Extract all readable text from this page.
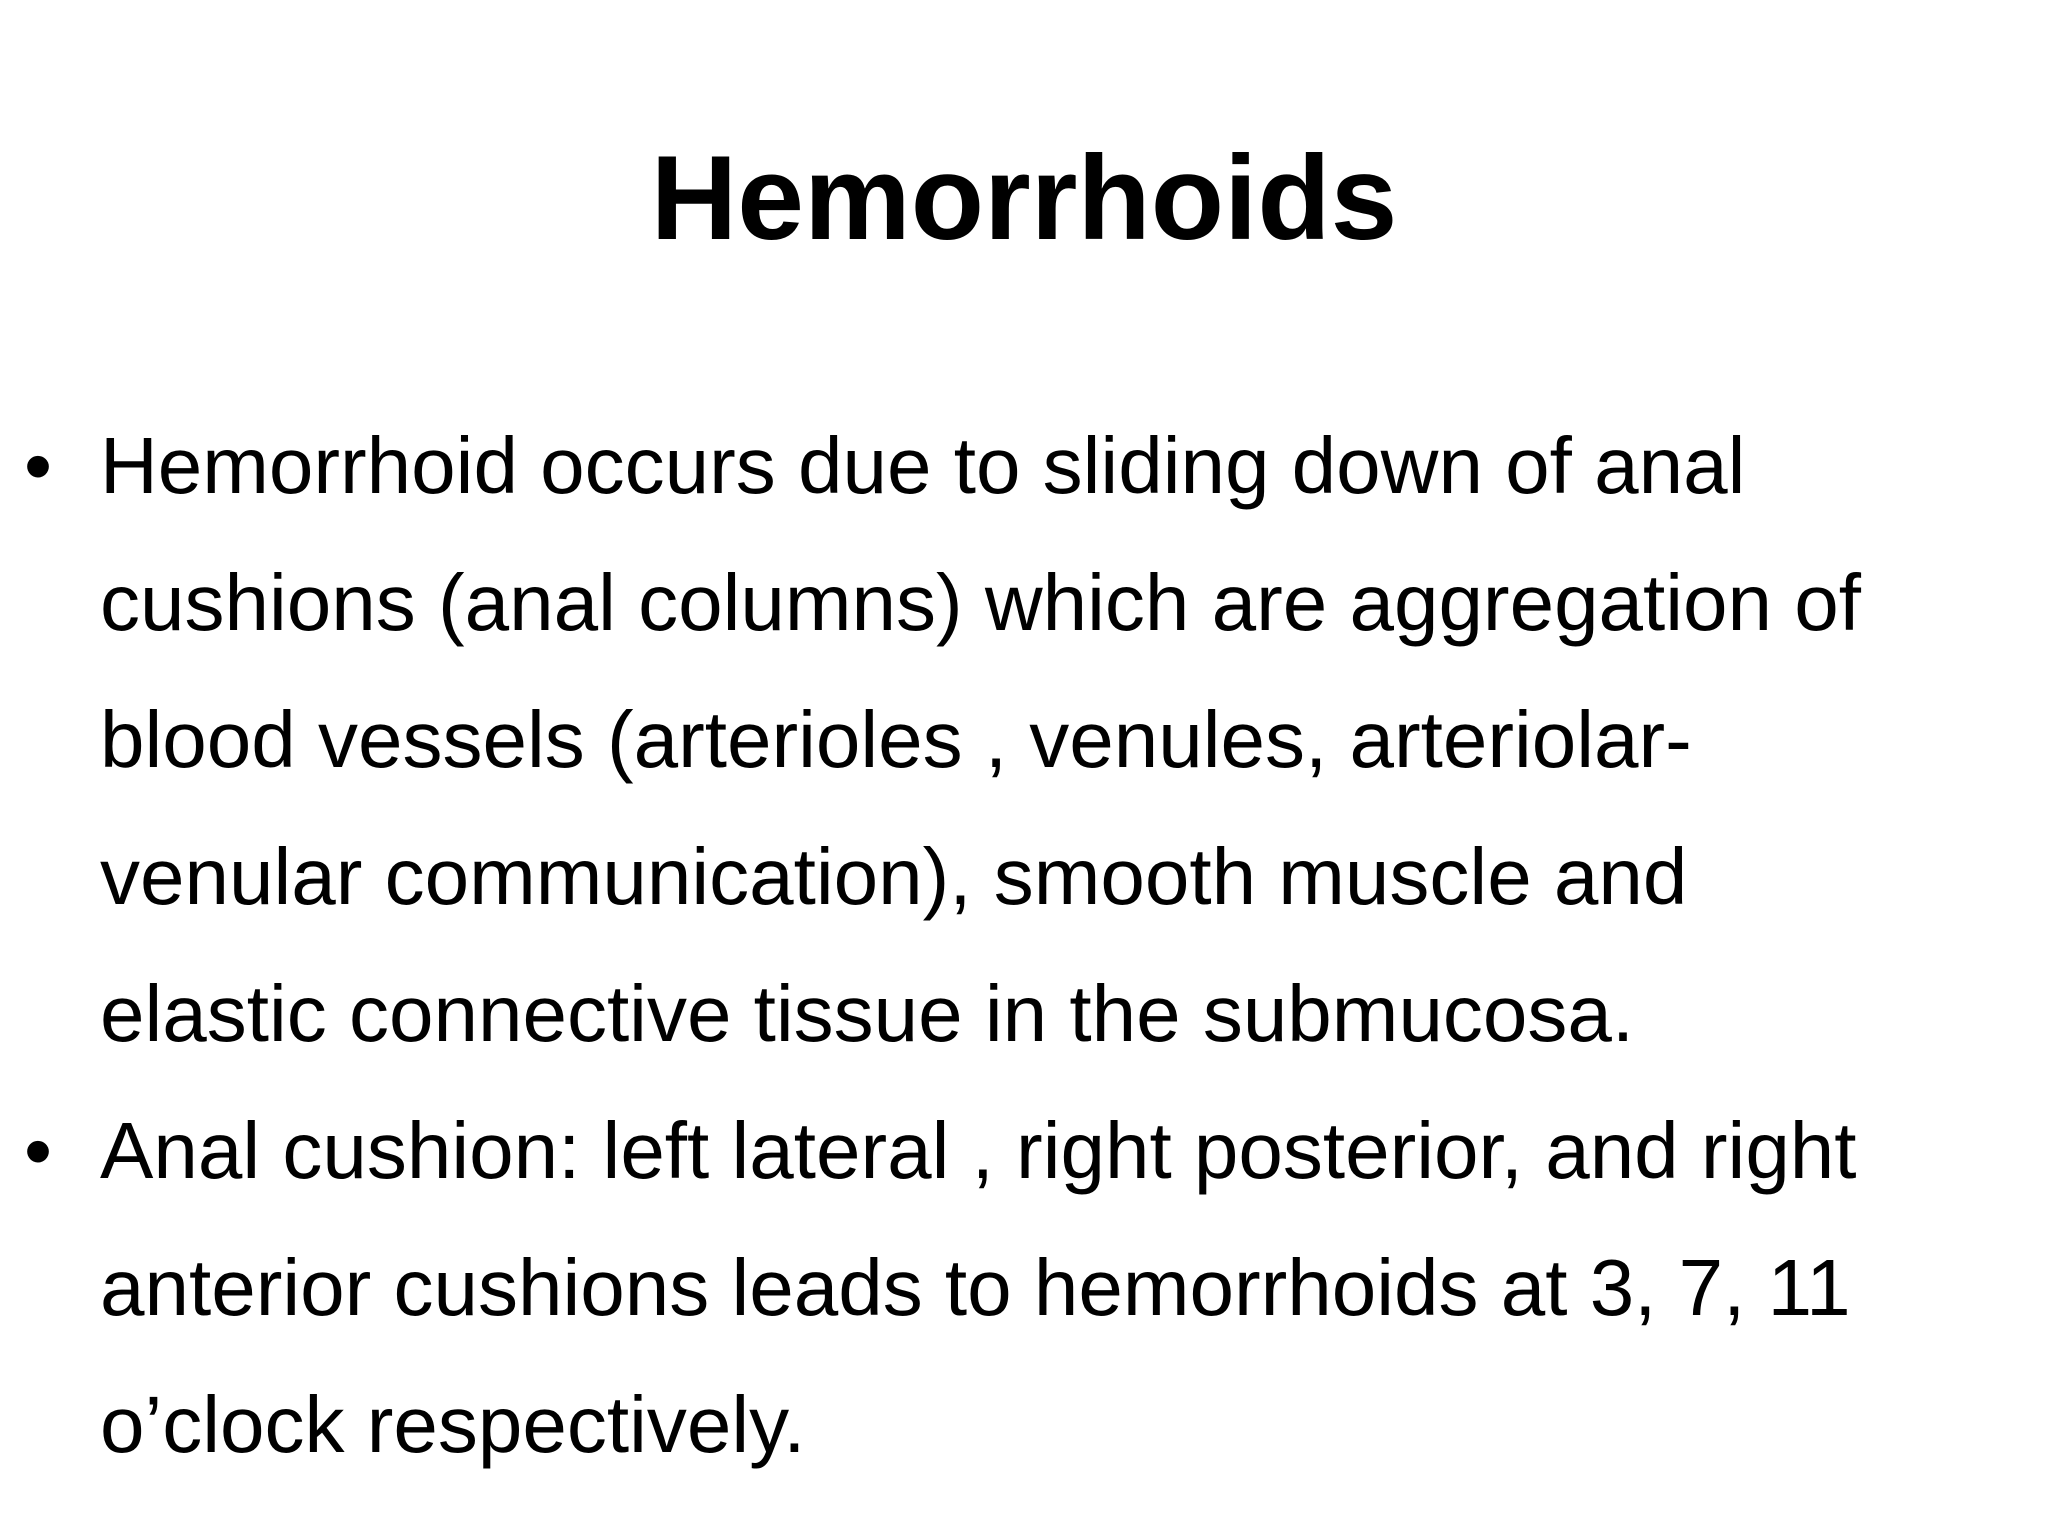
Hemorrhoids
• Hemorrhoid occurs due to sliding down of anal
cushions (anal columns) which are aggregation of
blood vessels (arterioles , venules, arteriolar-
venular communication), smooth muscle and
elastic connective tissue in the submucosa.
• Anal cushion: left lateral , right posterior, and right
anterior cushions leads to hemorrhoids at 3, 7, 11
o’clock respectively.
